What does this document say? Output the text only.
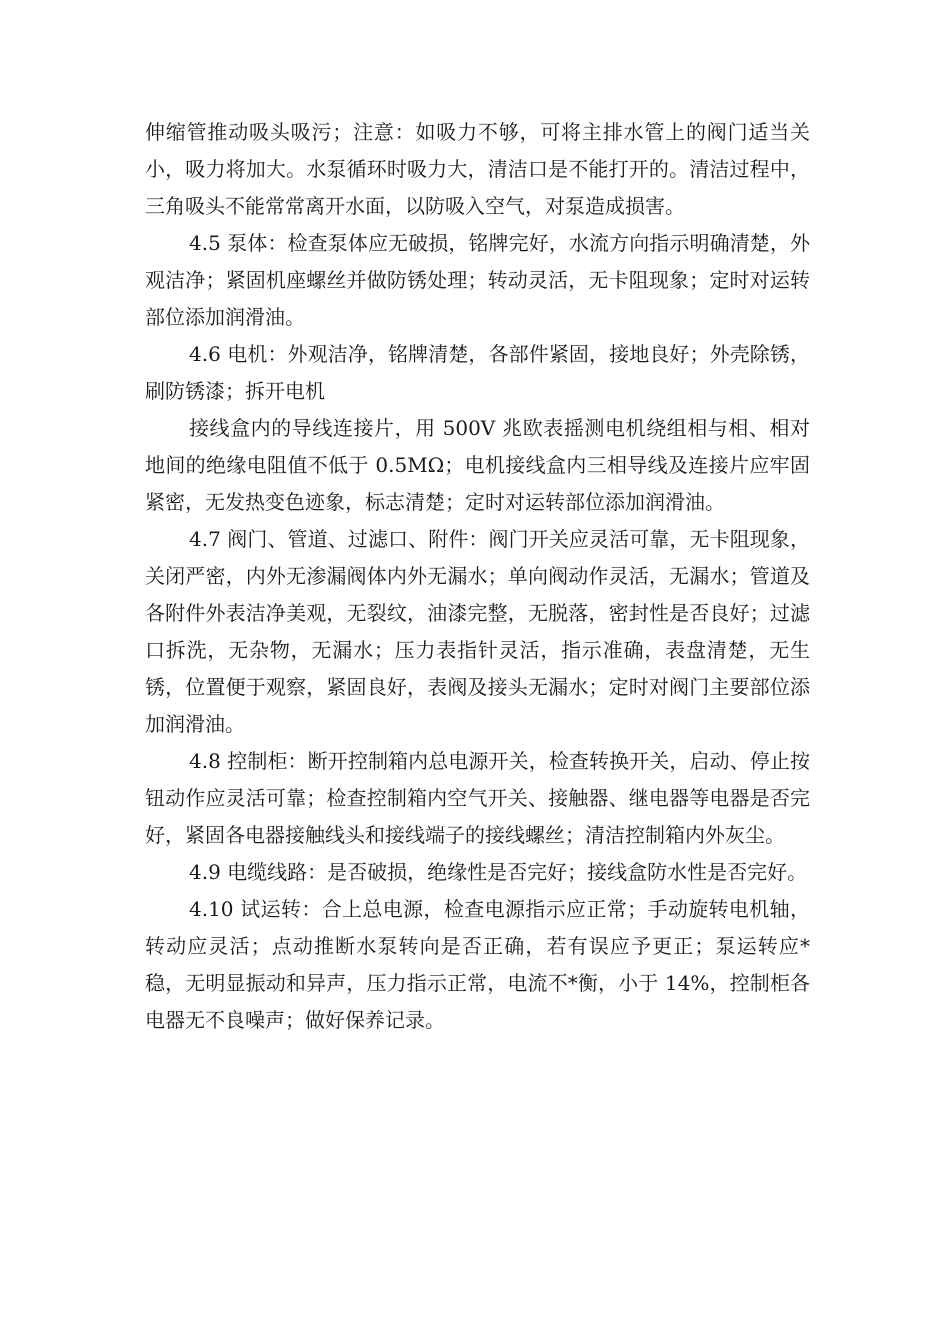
伸缩管推动吸头吸污；注意：如吸力不够，可将主排水管上的阀门适当关小，吸力将加大。水泵循环时吸力大，清洁口是不能打开的。清洁过程中，三角吸头不能常常离开水面，以防吸入空气，对泵造成损害。

4.5 泵体：检查泵体应无破损，铭牌完好，水流方向指示明确清楚，外观洁净；紧固机座螺丝并做防锈处理；转动灵活，无卡阻现象；定时对运转部位添加润滑油。

4.6 电机：外观洁净，铭牌清楚，各部件紧固，接地良好；外壳除锈，刷防锈漆；拆开电机

接线盒内的导线连接片，用 500V 兆欧表摇测电机绕组相与相、相对地间的绝缘电阻值不低于 0.5MΩ；电机接线盒内三相导线及连接片应牢固紧密，无发热变色迹象，标志清楚；定时对运转部位添加润滑油。

4.7 阀门、管道、过滤口、附件：阀门开关应灵活可靠，无卡阻现象，关闭严密，内外无渗漏阀体内外无漏水；单向阀动作灵活，无漏水；管道及各附件外表洁净美观，无裂纹，油漆完整，无脱落，密封性是否良好；过滤口拆洗，无杂物，无漏水；压力表指针灵活，指示准确，表盘清楚，无生锈，位置便于观察，紧固良好，表阀及接头无漏水；定时对阀门主要部位添加润滑油。

4.8 控制柜：断开控制箱内总电源开关，检查转换开关，启动、停止按钮动作应灵活可靠；检查控制箱内空气开关、接触器、继电器等电器是否完好，紧固各电器接触线头和接线端子的接线螺丝；清洁控制箱内外灰尘。

4.9 电缆线路：是否破损，绝缘性是否完好；接线盒防水性是否完好。

4.10 试运转：合上总电源，检查电源指示应正常；手动旋转电机轴，转动应灵活；点动推断水泵转向是否正确，若有误应予更正；泵运转应*稳，无明显振动和异声，压力指示正常，电流不*衡，小于 14%，控制柜各电器无不良噪声；做好保养记录。
